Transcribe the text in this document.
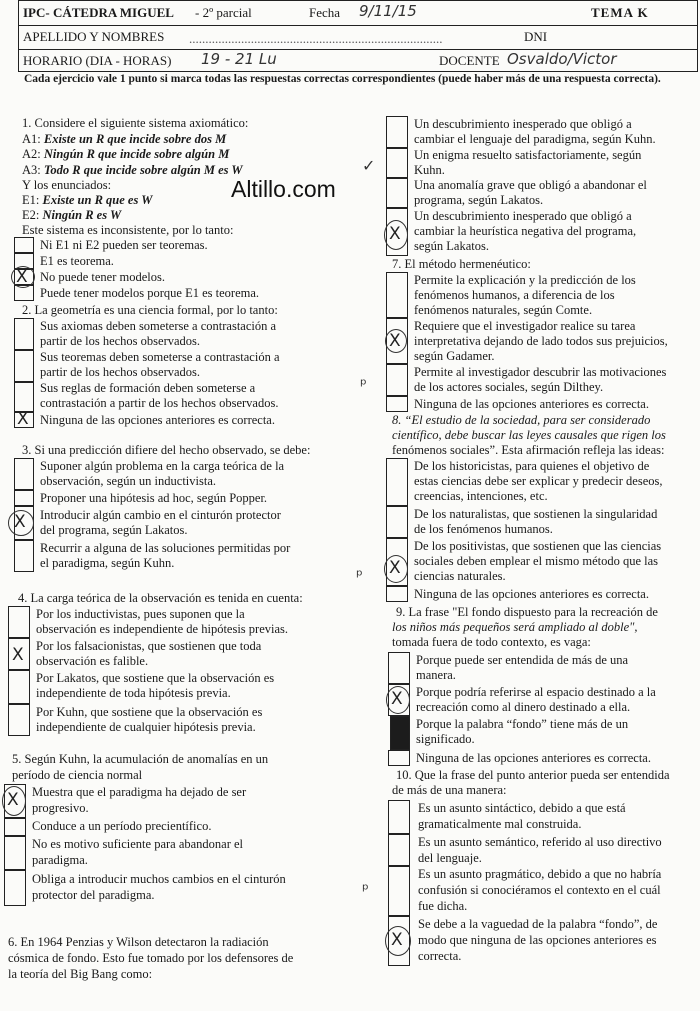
IPC- CÁTEDRA MIGUEL - 2º parcial	Fecha 9/11/15	TEMA K
APELLIDO Y NOMBRES ..............................................................................	DNI
HORARIO (DIA - HORAS) 19 - 21 Lu	DOCENTE Osvaldo/Victor
Cada ejercicio vale 1 punto si marca todas las respuestas correctas correspondientes (puede haber más de una respuesta correcta).
Altillo.com
1. Considere el siguiente sistema axiomático:
A1: Existe un R que incide sobre dos M
A2: Ningún R que incide sobre algún M
A3: Todo R que incide sobre algún M es W
Y los enunciados:
E1: Existe un R que es W
E2: Ningún R es W
Este sistema es inconsistente, por lo tanto:
X
Ni E1 ni E2 pueden ser teoremas.
E1 es teorema.
No puede tener modelos.
Puede tener modelos porque E1 es teorema.
2. La geometría es una ciencia formal, por lo tanto:
X
Sus axiomas deben someterse a contrastación a
partir de los hechos observados.
Sus teoremas deben someterse a contrastación a
partir de los hechos observados.
Sus reglas de formación deben someterse a
contrastación a partir de los hechos observados.
Ninguna de las opciones anteriores es correcta.
3. Si una predicción difiere del hecho observado, se debe:
X
Suponer algún problema en la carga teórica de la
observación, según un inductivista.
Proponer una hipótesis ad hoc, según Popper.
Introducir algún cambio en el cinturón protector
del programa, según Lakatos.
Recurrir a alguna de las soluciones permitidas por
el paradigma, según Kuhn.
4. La carga teórica de la observación es tenida en cuenta:
X
Por los inductivistas, pues suponen que la
observación es independiente de hipótesis previas.
Por los falsacionistas, que sostienen que toda
observación es falible.
Por Lakatos, que sostiene que la observación es
independiente de toda hipótesis previa.
Por Kuhn, que sostiene que la observación es
independiente de cualquier hipótesis previa.
5. Según Kuhn, la acumulación de anomalías en un
período de ciencia normal
X Muestra que el paradigma ha dejado de ser
progresivo.
Conduce a un período precientífico.
No es motivo suficiente para abandonar el
paradigma.
Obliga a introducir muchos cambios en el cinturón
protector del paradigma.
6. En 1964 Penzias y Wilson detectaron la radiación
cósmica de fondo. Esto fue tomado por los defensores de
la teoría del Big Bang como:
X
Un descubrimiento inesperado que obligó a
cambiar el lenguaje del paradigma, según Kuhn.
Un enigma resuelto satisfactoriamente, según
Kuhn.
Una anomalía grave que obligó a abandonar el
programa, según Lakatos.
Un descubrimiento inesperado que obligó a
cambiar la heurística negativa del programa,
según Lakatos.
✓
7. El método hermenéutico:
X
Permite la explicación y la predicción de los
fenómenos humanos, a diferencia de los
fenómenos naturales, según Comte.
Requiere que el investigador realice su tarea
interpretativa dejando de lado todos sus prejuicios,
según Gadamer.
Permite al investigador descubrir las motivaciones
de los actores sociales, según Dilthey.
Ninguna de las opciones anteriores es correcta.
ᵖ
8. “El estudio de la sociedad, para ser considerado
científico, debe buscar las leyes causales que rigen los
fenómenos sociales”. Esta afirmación refleja las ideas:
X
De los historicistas, para quienes el objetivo de
estas ciencias debe ser explicar y predecir deseos,
creencias, intenciones, etc.
De los naturalistas, que sostienen la singularidad
de los fenómenos humanos.
De los positivistas, que sostienen que las ciencias
sociales deben emplear el mismo método que las
ciencias naturales.
Ninguna de las opciones anteriores es correcta.
ᵖ
9. La frase "El fondo dispuesto para la recreación de
los niños más pequeños será ampliado al doble",
tomada fuera de todo contexto, es vaga:
X
Porque puede ser entendida de más de una
manera.
Porque podría referirse al espacio destinado a la
recreación como al dinero destinado a ella.
Porque la palabra “fondo” tiene más de un
significado.
Ninguna de las opciones anteriores es correcta.
10. Que la frase del punto anterior pueda ser entendida
de más de una manera:
X
Es un asunto sintáctico, debido a que está
gramaticalmente mal construida.
Es un asunto semántico, referido al uso directivo
del lenguaje.
Es un asunto pragmático, debido a que no habría
confusión si conociéramos el contexto en el cuál
fue dicha.
Se debe a la vaguedad de la palabra “fondo”, de
modo que ninguna de las opciones anteriores es
correcta.
ᵖ
